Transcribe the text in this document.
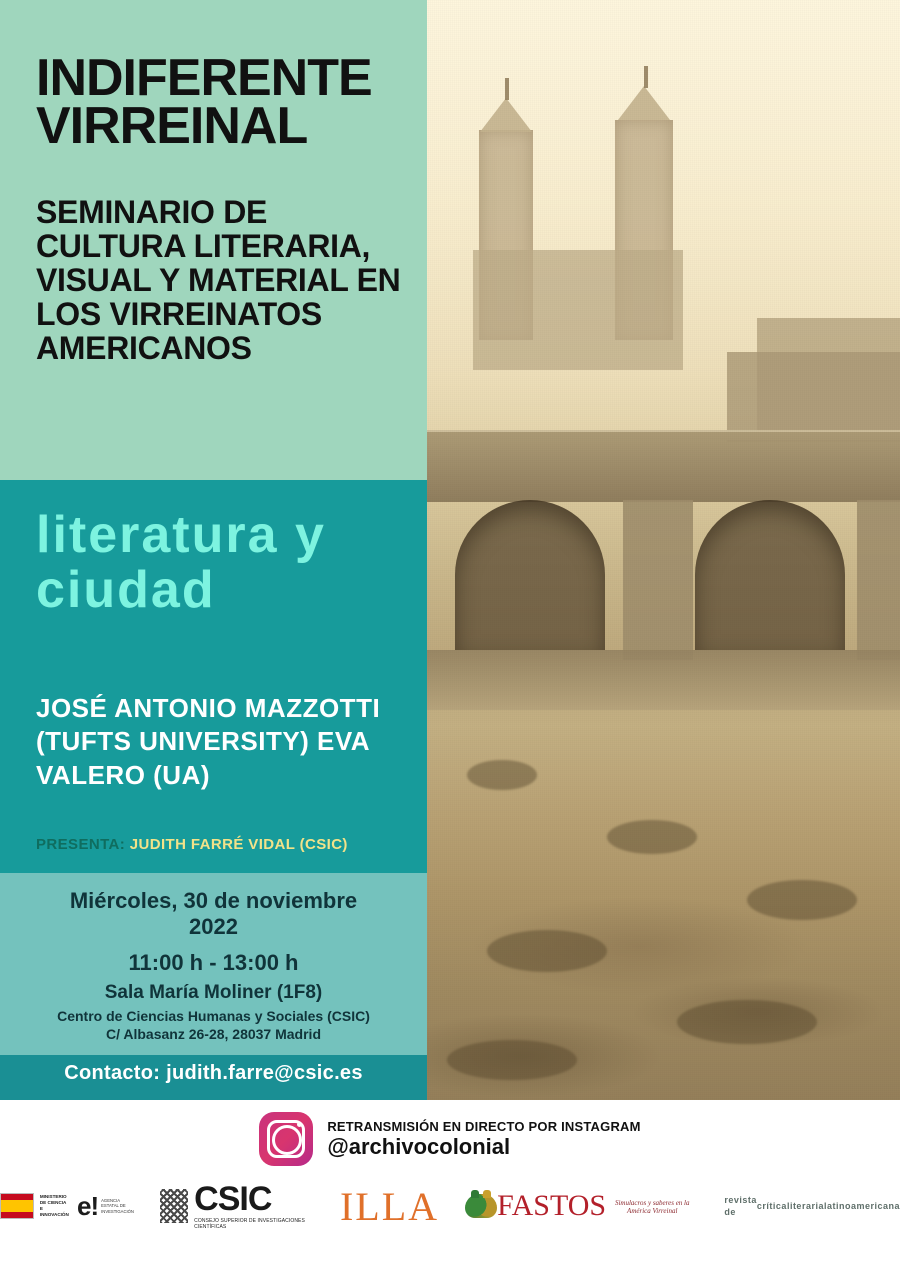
INDIFERENTE VIRREINAL
SEMINARIO DE CULTURA LITERARIA, VISUAL Y MATERIAL EN LOS VIRREINATOS AMERICANOS
literatura y ciudad
JOSÉ ANTONIO MAZZOTTI (TUFTS UNIVERSITY) EVA VALERO (UA)
PRESENTA: JUDITH FARRÉ VIDAL (CSIC)
Miércoles, 30 de noviembre
2022
11:00 h - 13:00 h
Sala María Moliner (1F8)
Centro de Ciencias Humanas y Sociales (CSIC)
C/ Albasanz 26-28, 28037 Madrid
Contacto: judith.farre@csic.es
RETRANSMISIÓN EN DIRECTO POR INSTAGRAM
@archivocolonial
MINISTERIO
DE CIENCIA
E INNOVACIÓN e! AGENCIA
ESTATAL DE
INVESTIGACIÓN CSIC
CONSEJO SUPERIOR DE INVESTIGACIONES CIENTÍFICAS	ILLA FASTOS	Simulacros y saberes en la América Virreinal
revista de
crítica literaria latinoamericana
